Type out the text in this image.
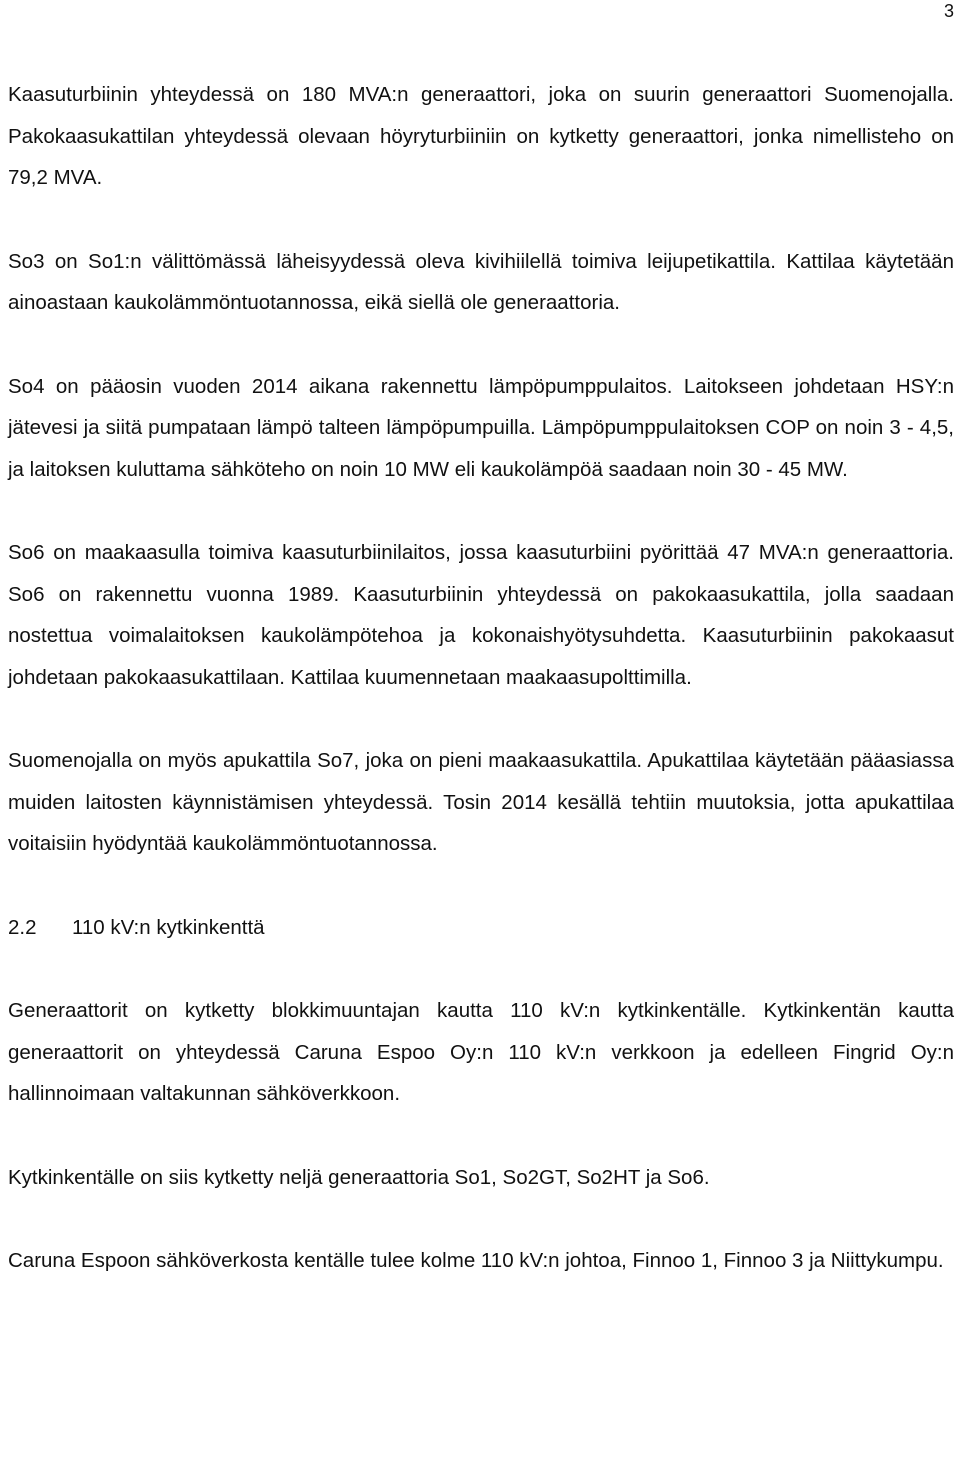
3

Kaasuturbiinin yhteydessä on 180 MVA:n generaattori, joka on suurin generaattori Suomenojalla. Pakokaasukattilan yhteydessä olevaan höyryturbiiniin on kytketty generaattori, jonka nimellisteho on 79,2 MVA.

So3 on So1:n välittömässä läheisyydessä oleva kivihiilellä toimiva leijupetikattila. Kattilaa käytetään ainoastaan kaukolämmöntuotannossa, eikä siellä ole generaattoria.

So4 on pääosin vuoden 2014 aikana rakennettu lämpöpumppulaitos. Laitokseen johdetaan HSY:n jätevesi ja siitä pumpataan lämpö talteen lämpöpumpuilla. Lämpöpumppulaitoksen COP on noin 3 - 4,5, ja laitoksen kuluttama sähköteho on noin 10 MW eli kaukolämpöä saadaan noin 30 - 45 MW.

So6 on maakaasulla toimiva kaasuturbiinilaitos, jossa kaasuturbiini pyörittää 47 MVA:n generaattoria. So6 on rakennettu vuonna 1989. Kaasuturbiinin yhteydessä on pakokaasukattila, jolla saadaan nostettua voimalaitoksen kaukolämpötehoa ja kokonaishyötysuhdetta. Kaasuturbiinin pakokaasut johdetaan pakokaasukattilaan. Kattilaa kuumennetaan maakaasupolttimilla.

Suomenojalla on myös apukattila So7, joka on pieni maakaasukattila. Apukattilaa käytetään pääasiassa muiden laitosten käynnistämisen yhteydessä. Tosin 2014 kesällä tehtiin muutoksia, jotta apukattilaa voitaisiin hyödyntää kaukolämmöntuotannossa.

2.2	110 kV:n kytkinkenttä

Generaattorit on kytketty blokkimuuntajan kautta 110 kV:n kytkinkentälle. Kytkinkentän kautta generaattorit on yhteydessä Caruna Espoo Oy:n 110 kV:n verkkoon ja edelleen Fingrid Oy:n hallinnoimaan valtakunnan sähköverkkoon.

Kytkinkentälle on siis kytketty neljä generaattoria So1, So2GT, So2HT ja So6.

Caruna Espoon sähköverkosta kentälle tulee kolme 110 kV:n johtoa, Finnoo 1, Finnoo 3 ja Niittykumpu.
